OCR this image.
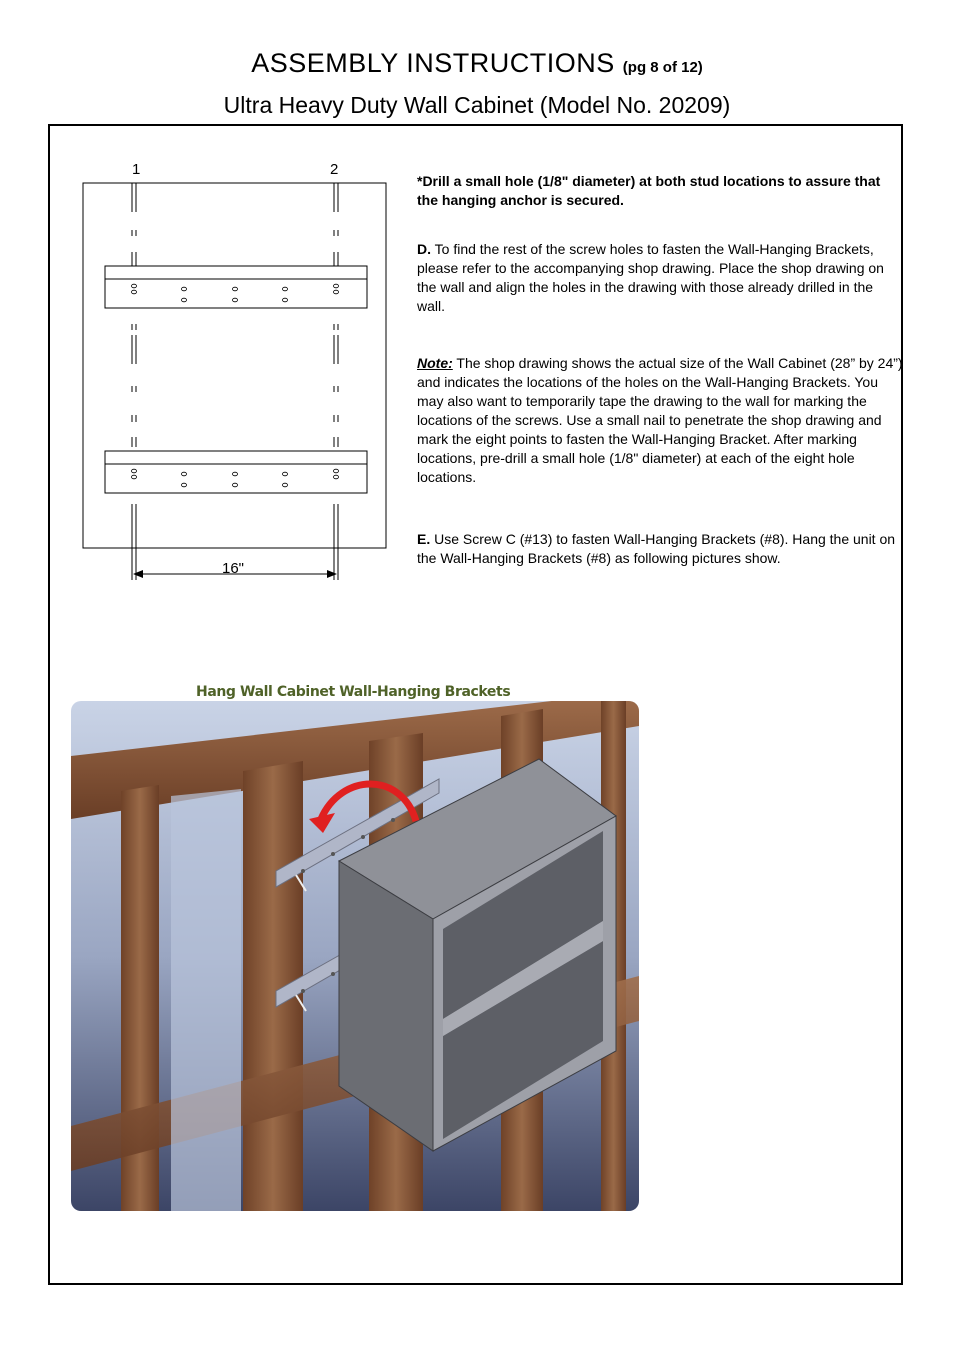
ASSEMBLY INSTRUCTIONS (pg 8 of 12)
Ultra Heavy Duty Wall Cabinet (Model No. 20209)
1	2
16"

*Drill a small hole (1/8" diameter) at both stud locations to assure that the hanging anchor is secured.

D. To find the rest of the screw holes to fasten the Wall-Hanging Brackets, please refer to the accompanying shop drawing. Place the shop drawing on the wall and align the holes in the drawing with those already drilled in the wall.

Note: The shop drawing shows the actual size of the Wall Cabinet (28” by 24”) and indicates the locations of the holes on the Wall-Hanging Brackets. You may also want to temporarily tape the drawing to the wall for marking the locations of the screws. Use a small nail to penetrate the shop drawing and mark the eight points to fasten the Wall-Hanging Bracket. After marking locations, pre-drill a small hole (1/8" diameter) at each of the eight hole locations.

E. Use Screw C (#13) to fasten Wall-Hanging Brackets (#8). Hang the unit on the Wall-Hanging Brackets (#8) as following pictures show.

Hang Wall Cabinet Wall-Hanging Brackets
